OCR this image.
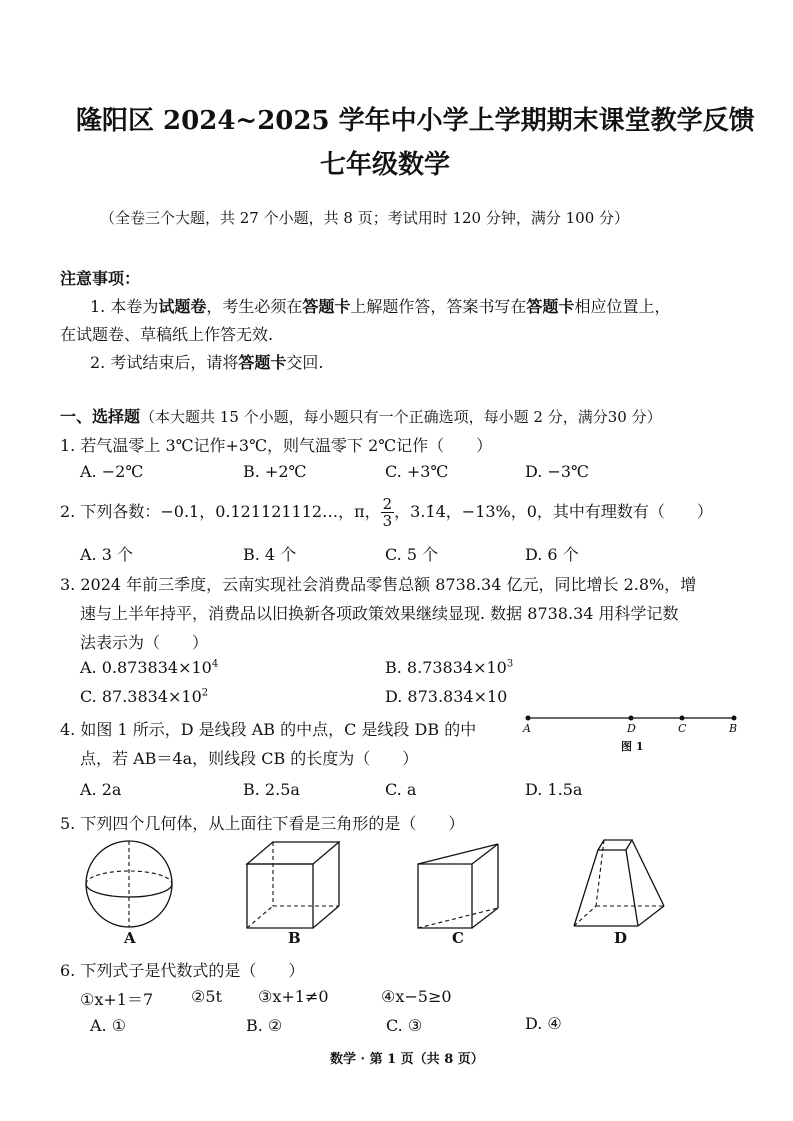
隆阳区 2024~2025 学年中小学上学期期末课堂教学反馈
七年级数学
（全卷三个大题，共 27 个小题，共 8 页；考试用时 120 分钟，满分 100 分）
注意事项：
1. 本卷为试题卷，考生必须在答题卡上解题作答，答案书写在答题卡相应位置上，
在试题卷、草稿纸上作答无效.
2. 考试结束后，请将答题卡交回.
一、选择题（本大题共 15 个小题，每小题只有一个正确选项，每小题 2 分，满分30 分）
1. 若气温零上 3℃记作+3℃，则气温零下 2℃记作（　　）
A. −2℃	B. +2℃	C. +3℃	D. −3℃
2. 下列各数：−0.1，0.121121112…，π， $\frac{2}{3}$ ，3.1̇4，−13%，0，其中有理数有（　　）
A. 3 个	B. 4 个	C. 5 个	D. 6 个
3. 2024 年前三季度，云南实现社会消费品零售总额 8738.34 亿元，同比增长 2.8%，增
速与上半年持平，消费品以旧换新各项政策效果继续显现. 数据 8738.34 用科学记数
法表示为（　　）
A. $0.873834\times 10^4$	B. $8.73834\times 10^3$
C. $87.3834\times 10^2$	D. 873.834×10
4. 如图 1 所示，D 是线段 AB 的中点，C 是线段 DB 的中
点，若 AB＝4a，则线段 CB 的长度为（　　）
A. 2a	B. 2.5a	C. a	D. 1.5a
A	D	C	B
图 1
5. 下列四个几何体，从上面往下看是三角形的是（　　）
A	B	C	D
6. 下列式子是代数式的是（　　）
①x+1＝7 ②5t ③x+1≠0	④x−5≥0
A. ①	B. ②	C. ③	D. ④
数学 · 第 1 页（共 8 页）
